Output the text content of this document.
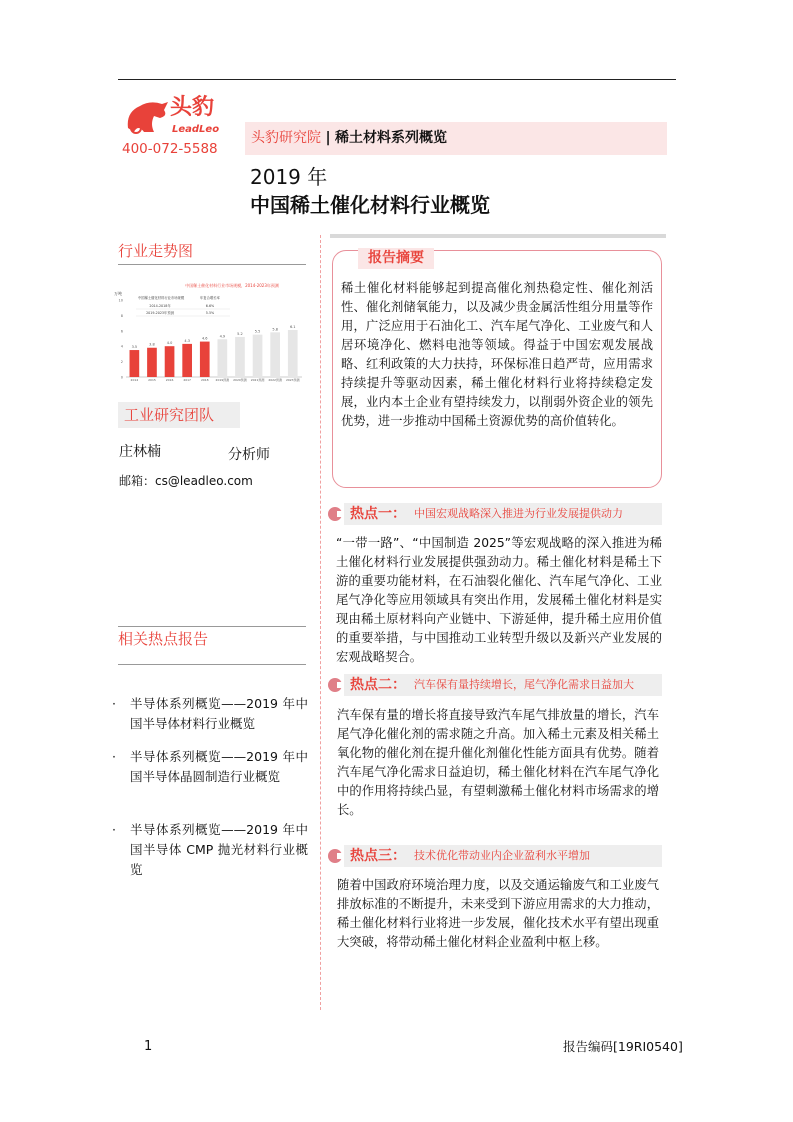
头豹
LeadLeo
400-072-5588
头豹研究院 | 稀土材料系列概览
2019 年
中国稀土催化材料行业概览
行业走势图
中国稀土催化材料行业市场规模，2014-2023年预测
万吨
0
2
4
6
8
10
3.5
2014
3.8
2015
4.0
2016
4.3
2017
4.6
2018
4.9
2019预测
5.2
2020预测
5.5
2021预测
5.8
2022预测
6.1
2023预测
中国稀土催化材料行业市场规模	年复合增长率
2014-2018年	6.6%
2019-2023年预测	5.5%
工业研究团队
庄林楠	分析师
邮箱：cs@leadleo.com
相关热点报告
·	半导体系列概览——2019 年中国半导体材料行业概览
·	半导体系列概览——2019 年中国半导体晶圆制造行业概览
·	半导体系列概览——2019 年中国半导体 CMP 抛光材料行业概览
报告摘要
稀土催化材料能够起到提高催化剂热稳定性、催化剂活性、催化剂储氧能力，以及减少贵金属活性组分用量等作用，广泛应用于石油化工、汽车尾气净化、工业废气和人居环境净化、燃料电池等领域。得益于中国宏观发展战略、红利政策的大力扶持，环保标准日趋严苛，应用需求持续提升等驱动因素，稀土催化材料行业将持续稳定发展，业内本土企业有望持续发力，以削弱外资企业的领先优势，进一步推动中国稀土资源优势的高价值转化。
热点一： 中国宏观战略深入推进为行业发展提供动力
“一带一路”、“中国制造 2025”等宏观战略的深入推进为稀土催化材料行业发展提供强劲动力。稀土催化材料是稀土下游的重要功能材料，在石油裂化催化、汽车尾气净化、工业尾气净化等应用领域具有突出作用，发展稀土催化材料是实现由稀土原材料向产业链中、下游延伸，提升稀土应用价值的重要举措，与中国推动工业转型升级以及新兴产业发展的宏观战略契合。
热点二： 汽车保有量持续增长，尾气净化需求日益加大
汽车保有量的增长将直接导致汽车尾气排放量的增长，汽车尾气净化催化剂的需求随之升高。加入稀土元素及相关稀土氧化物的催化剂在提升催化剂催化性能方面具有优势。随着汽车尾气净化需求日益迫切，稀土催化材料在汽车尾气净化中的作用将持续凸显，有望刺激稀土催化材料市场需求的增长。
热点三： 技术优化带动业内企业盈利水平增加
随着中国政府环境治理力度，以及交通运输废气和工业废气排放标准的不断提升，未来受到下游应用需求的大力推动，稀土催化材料行业将进一步发展，催化技术水平有望出现重大突破，将带动稀土催化材料企业盈利中枢上移。
1	报告编码[19RI0540]
